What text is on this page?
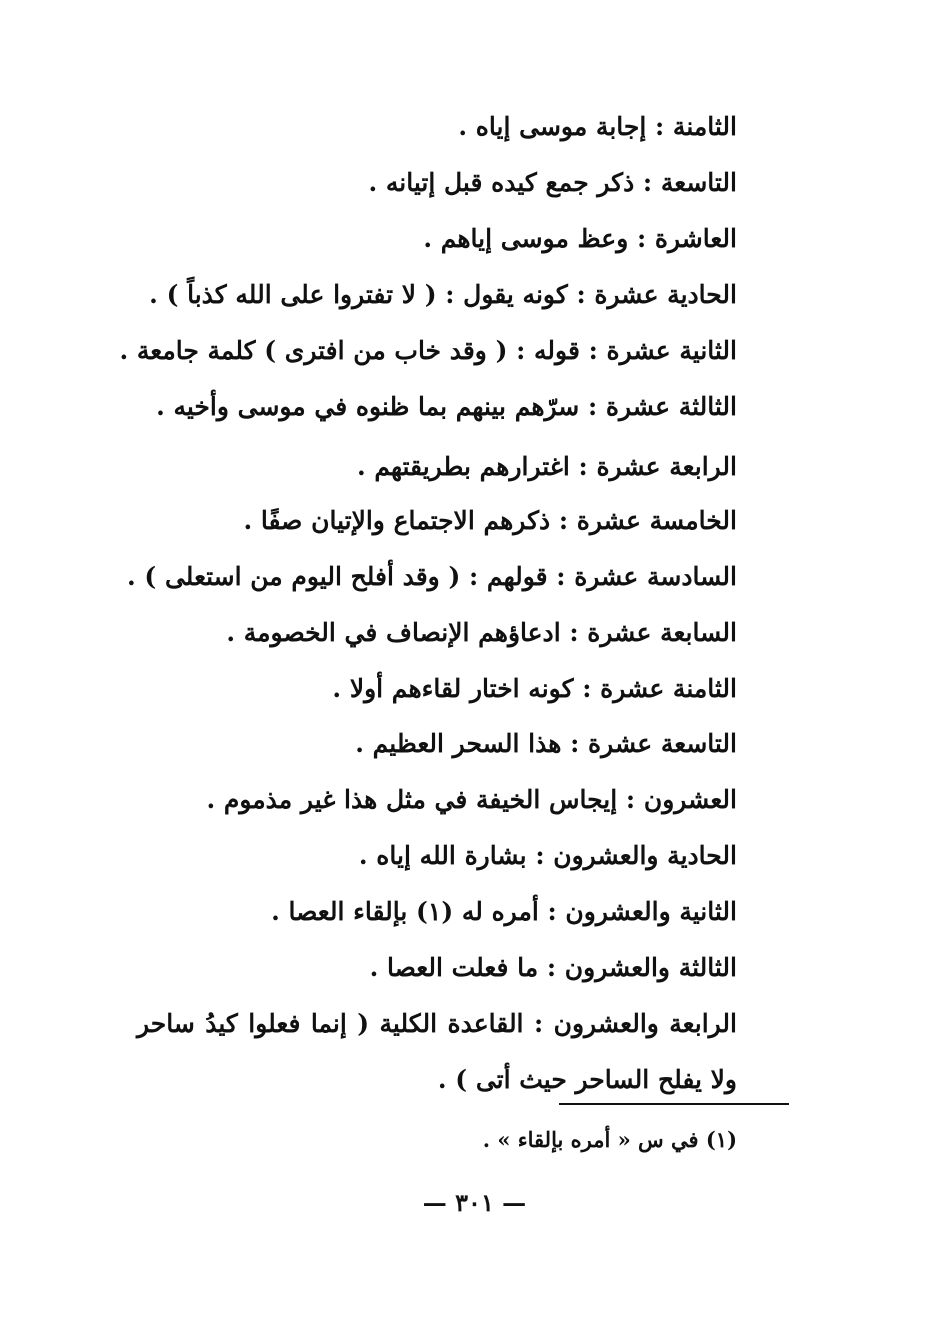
الثامنة : إجابة موسى إياه .
التاسعة : ذكر جمع كيده قبل إتيانه .
العاشرة : وعظ موسى إياهم .
الحادية عشرة : كونه يقول : ( لا تفتروا على الله كذباً ) .
الثانية عشرة : قوله : ( وقد خاب من افترى ) كلمة جامعة .
الثالثة عشرة : سرّهم بينهم بما ظنوه في موسى وأخيه .
الرابعة عشرة : اغترارهم بطريقتهم .
الخامسة عشرة : ذكرهم الاجتماع والإتيان صفًا .
السادسة عشرة : قولهم : ( وقد أفلح اليوم من استعلى ) .
السابعة عشرة : ادعاؤهم الإنصاف في الخصومة .
الثامنة عشرة : كونه اختار لقاءهم أولا .
التاسعة عشرة : هذا السحر العظيم .
العشرون : إيجاس الخيفة في مثل هذا غير مذموم .
الحادية والعشرون : بشارة الله إياه .
الثانية والعشرون : أمره له (١) بإلقاء العصا .
الثالثة والعشرون : ما فعلت العصا .
الرابعة والعشرون : القاعدة الكلية ( إنما فعلوا كيدُ ساحر ولا يفلح الساحر حيث أتى ) .
(١) في س « أمره بإلقاء » .
— ٣٠١ —
